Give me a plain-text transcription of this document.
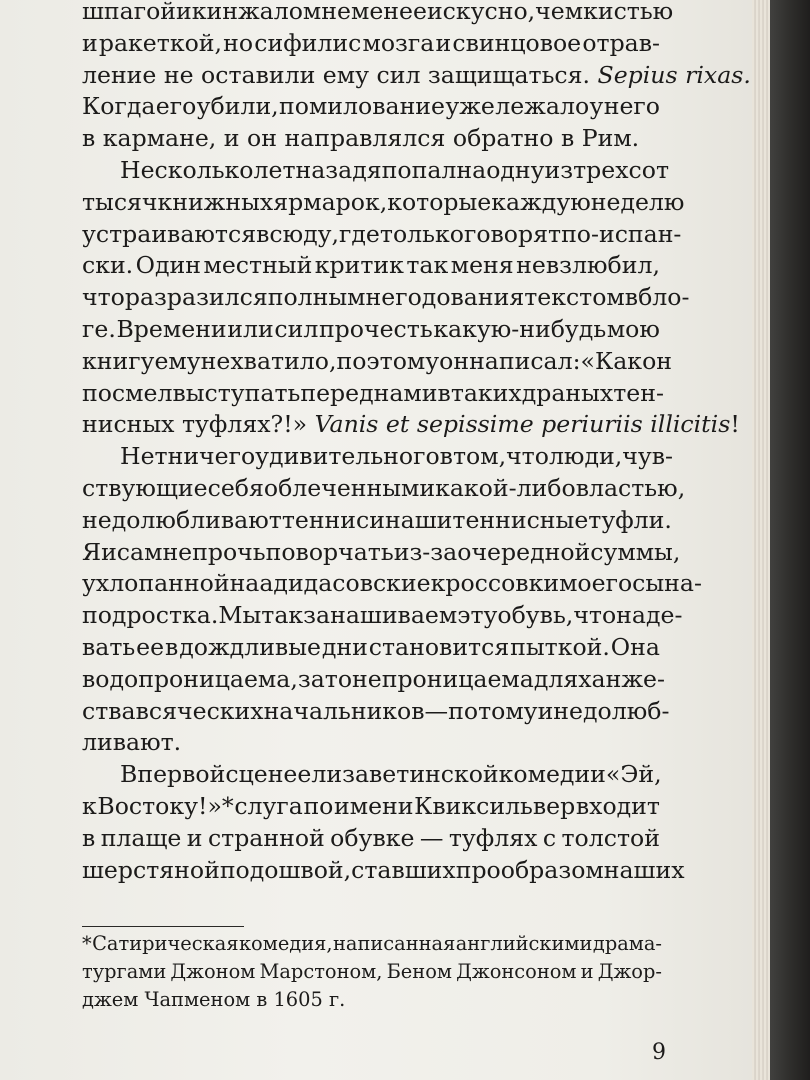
шпагой и кинжалом не менее искусно, чем кистью
и ракеткой, но сифилис мозга и свинцовое отрав-
ление не оставили ему сил защищаться.
Sepius rixas.
Когда его убили, помилование уже лежало у него
в кармане, и он направлялся обратно в Рим.
Несколько лет назад я попал на одну из трехсот
тысяч книжных ярмарок, которые каждую неделю
устраиваются всюду, где только говорят по-испан-
ски. Один местный критик так меня невзлюбил,
что разразился полным негодования текстом в бло-
ге. Времени или сил прочесть какую-нибудь мою
книгу ему не хватило, поэтому он написал: «Как он
посмел выступать перед нами в таких драных тен-
нисных туфлях?!»
Vanis et sepissime periuriis illicitis !
Нет ничего удивительного в том, что люди, чув-
ствующие себя облеченными какой-либо властью,
недолюбливают теннис и наши теннисные туфли.
Я и сам не прочь поворчать из-за очередной суммы,
ухлопанной на адидасовские кроссовки моего сына-
подростка. Мы так занашиваем эту обувь, что наде-
вать ее в дождливые дни становится пыткой. Она
водопроницаема, зато непроницаема для ханже-
ства всяческих начальников — потому и недолюб-
ливают.
В первой сцене елизаветинской комедии «Эй,
к Востоку!»* слуга по имени Квиксильвер входит
в плаще и странной обувке — туфлях с толстой
шерстяной подошвой, ставших прообразом наших
* Сатирическая комедия, написанная английскими драма-
тургами Джоном Марстоном, Беном Джонсоном и Джор-
джем Чапменом в 1605 г.
9
